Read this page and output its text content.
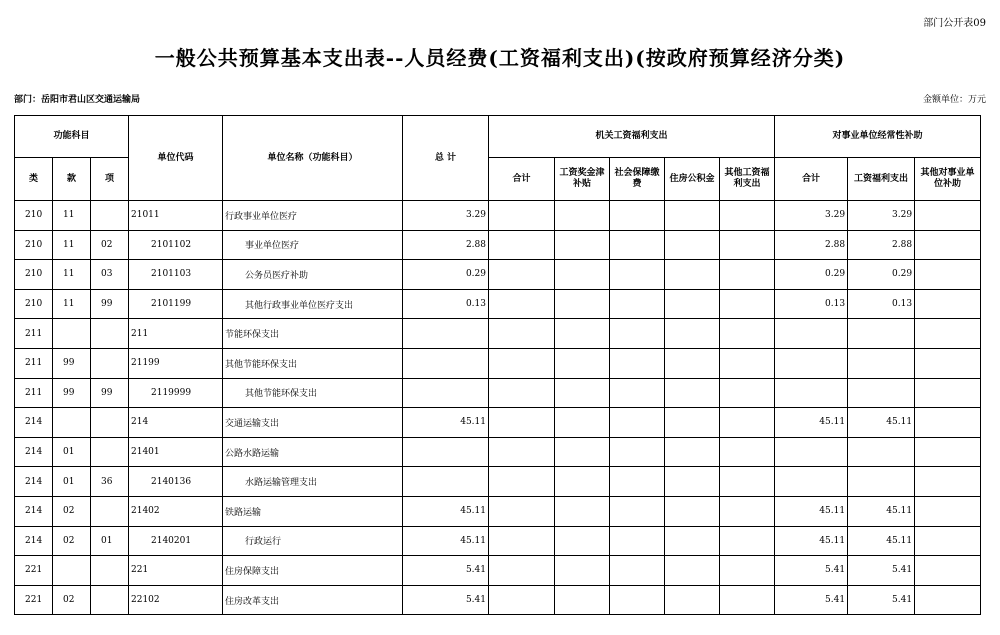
部门公开表09
一般公共预算基本支出表--人员经费(工资福利支出)(按政府预算经济分类)
部门：岳阳市君山区交通运输局	金额单位：万元
功能科目			单位代码	单位名称（功能科目）	总 计	机关工资福利支出					对事业单位经常性补助		
类	款	项				合计	工资奖金津补贴	社会保障缴费	住房公积金	其他工资福利支出	合计	工资福利支出	其他对事业单位补助
210	11		21011	行政事业单位医疗	3.29						3.29	3.29	
210	11	02	2101102	事业单位医疗	2.88						2.88	2.88	
210	11	03	2101103	公务员医疗补助	0.29						0.29	0.29	
210	11	99	2101199	其他行政事业单位医疗支出	0.13						0.13	0.13	
211			211	节能环保支出									
211	99		21199	其他节能环保支出									
211	99	99	2119999	其他节能环保支出									
214			214	交通运输支出	45.11						45.11	45.11	
214	01		21401	公路水路运输									
214	01	36	2140136	水路运输管理支出									
214	02		21402	铁路运输	45.11						45.11	45.11	
214	02	01	2140201	行政运行	45.11						45.11	45.11	
221			221	住房保障支出	5.41						5.41	5.41	
221	02		22102	住房改革支出	5.41						5.41	5.41	
